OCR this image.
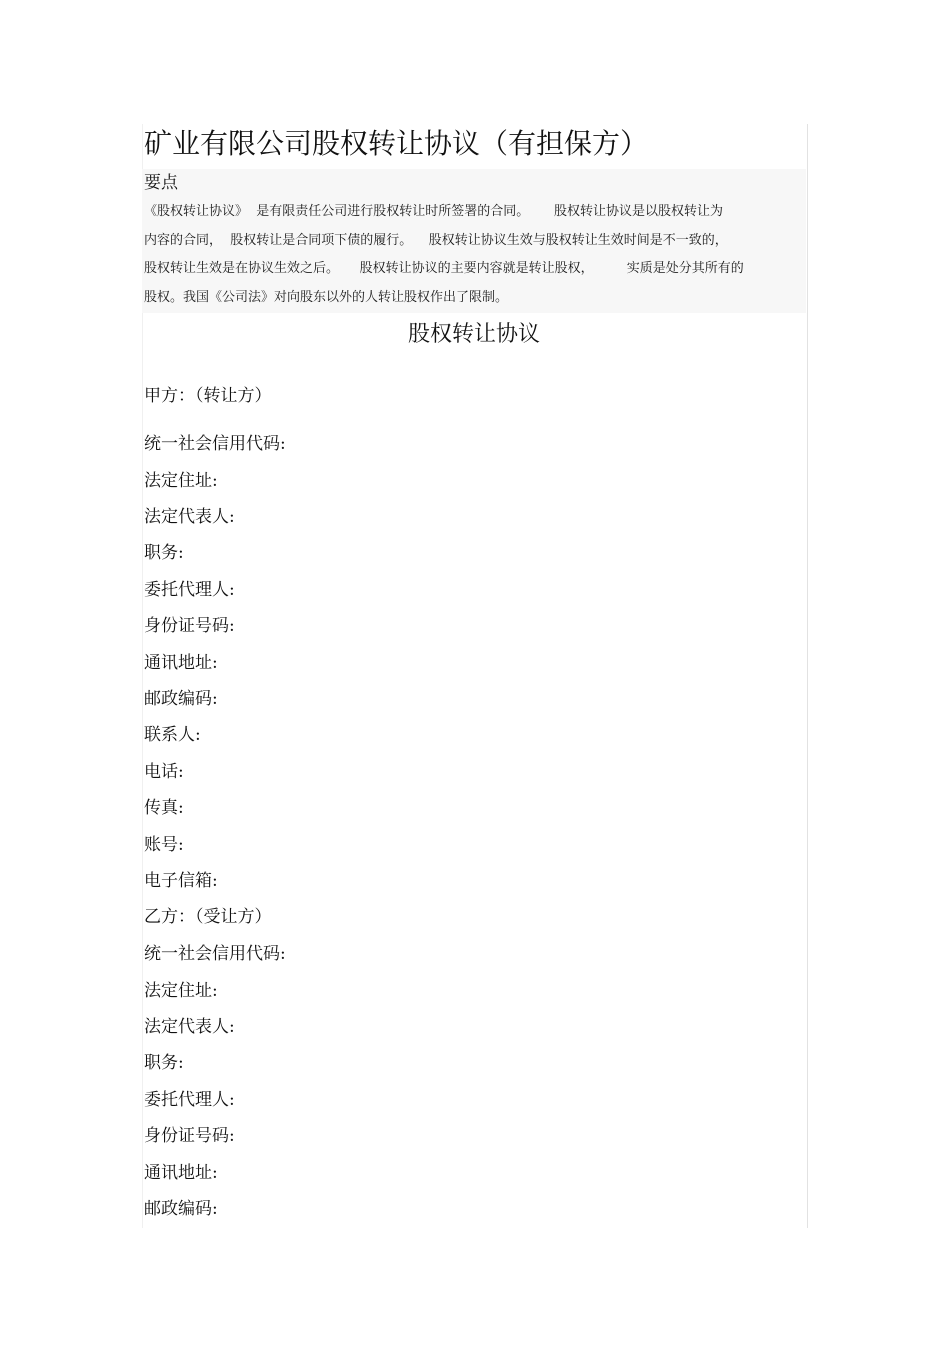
矿业有限公司股权转让协议（有担保方）
要点
《股权转让协议》  是有限责任公司进行股权转让时所签署的合同。      股权转让协议是以股权转让为
内容的合同，  股权转让是合同项下债的履行。    股权转让协议生效与股权转让生效时间是不一致的，
股权转让生效是在协议生效之后。     股权转让协议的主要内容就是转让股权，        实质是处分其所有的
股权。我国《公司法》对向股东以外的人转让股权作出了限制。
股权转让协议
甲方：（转让方）
统一社会信用代码:
法定住址:
法定代表人:
职务:
委托代理人:
身份证号码:
通讯地址:
邮政编码:
联系人:
电话:
传真:
账号:
电子信箱:
乙方：（受让方）
统一社会信用代码:
法定住址:
法定代表人:
职务:
委托代理人:
身份证号码:
通讯地址:
邮政编码:
